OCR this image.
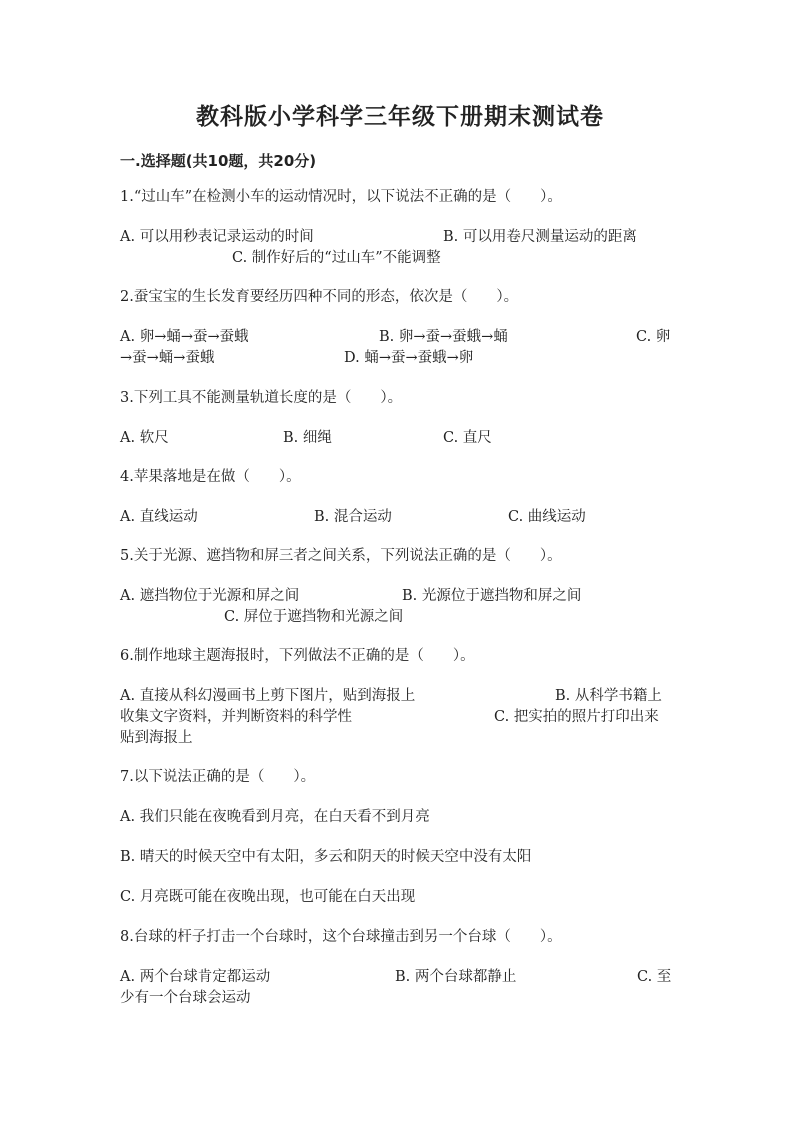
教科版小学科学三年级下册期末测试卷
一.选择题(共10题，共20分)
1.“过山车”在检测小车的运动情况时，以下说法不正确的是（　　）。
A. 可以用秒表记录运动的时间	B. 可以用卷尺测量运动的距离
C. 制作好后的“过山车”不能调整
2.蚕宝宝的生长发育要经历四种不同的形态，依次是（　　）。
A. 卵→蛹→蚕→蚕蛾	B. 卵→蚕→蚕蛾→蛹	C. 卵
→蚕→蛹→蚕蛾	D. 蛹→蚕→蚕蛾→卵
3.下列工具不能测量轨道长度的是（　　）。
A. 软尺	B. 细绳	C. 直尺
4.苹果落地是在做（　　）。
A. 直线运动	B. 混合运动	C. 曲线运动
5.关于光源、遮挡物和屏三者之间关系，下列说法正确的是（　　）。
A. 遮挡物位于光源和屏之间	B. 光源位于遮挡物和屏之间
C. 屏位于遮挡物和光源之间
6.制作地球主题海报时，下列做法不正确的是（　　）。
A. 直接从科幻漫画书上剪下图片，贴到海报上	B. 从科学书籍上
收集文字资料，并判断资料的科学性	C. 把实拍的照片打印出来
贴到海报上
7.以下说法正确的是（　　）。
A. 我们只能在夜晚看到月亮，在白天看不到月亮
B. 晴天的时候天空中有太阳，多云和阴天的时候天空中没有太阳
C. 月亮既可能在夜晚出现，也可能在白天出现
8.台球的杆子打击一个台球时，这个台球撞击到另一个台球（　　）。
A. 两个台球肯定都运动	B. 两个台球都静止	C. 至
少有一个台球会运动
